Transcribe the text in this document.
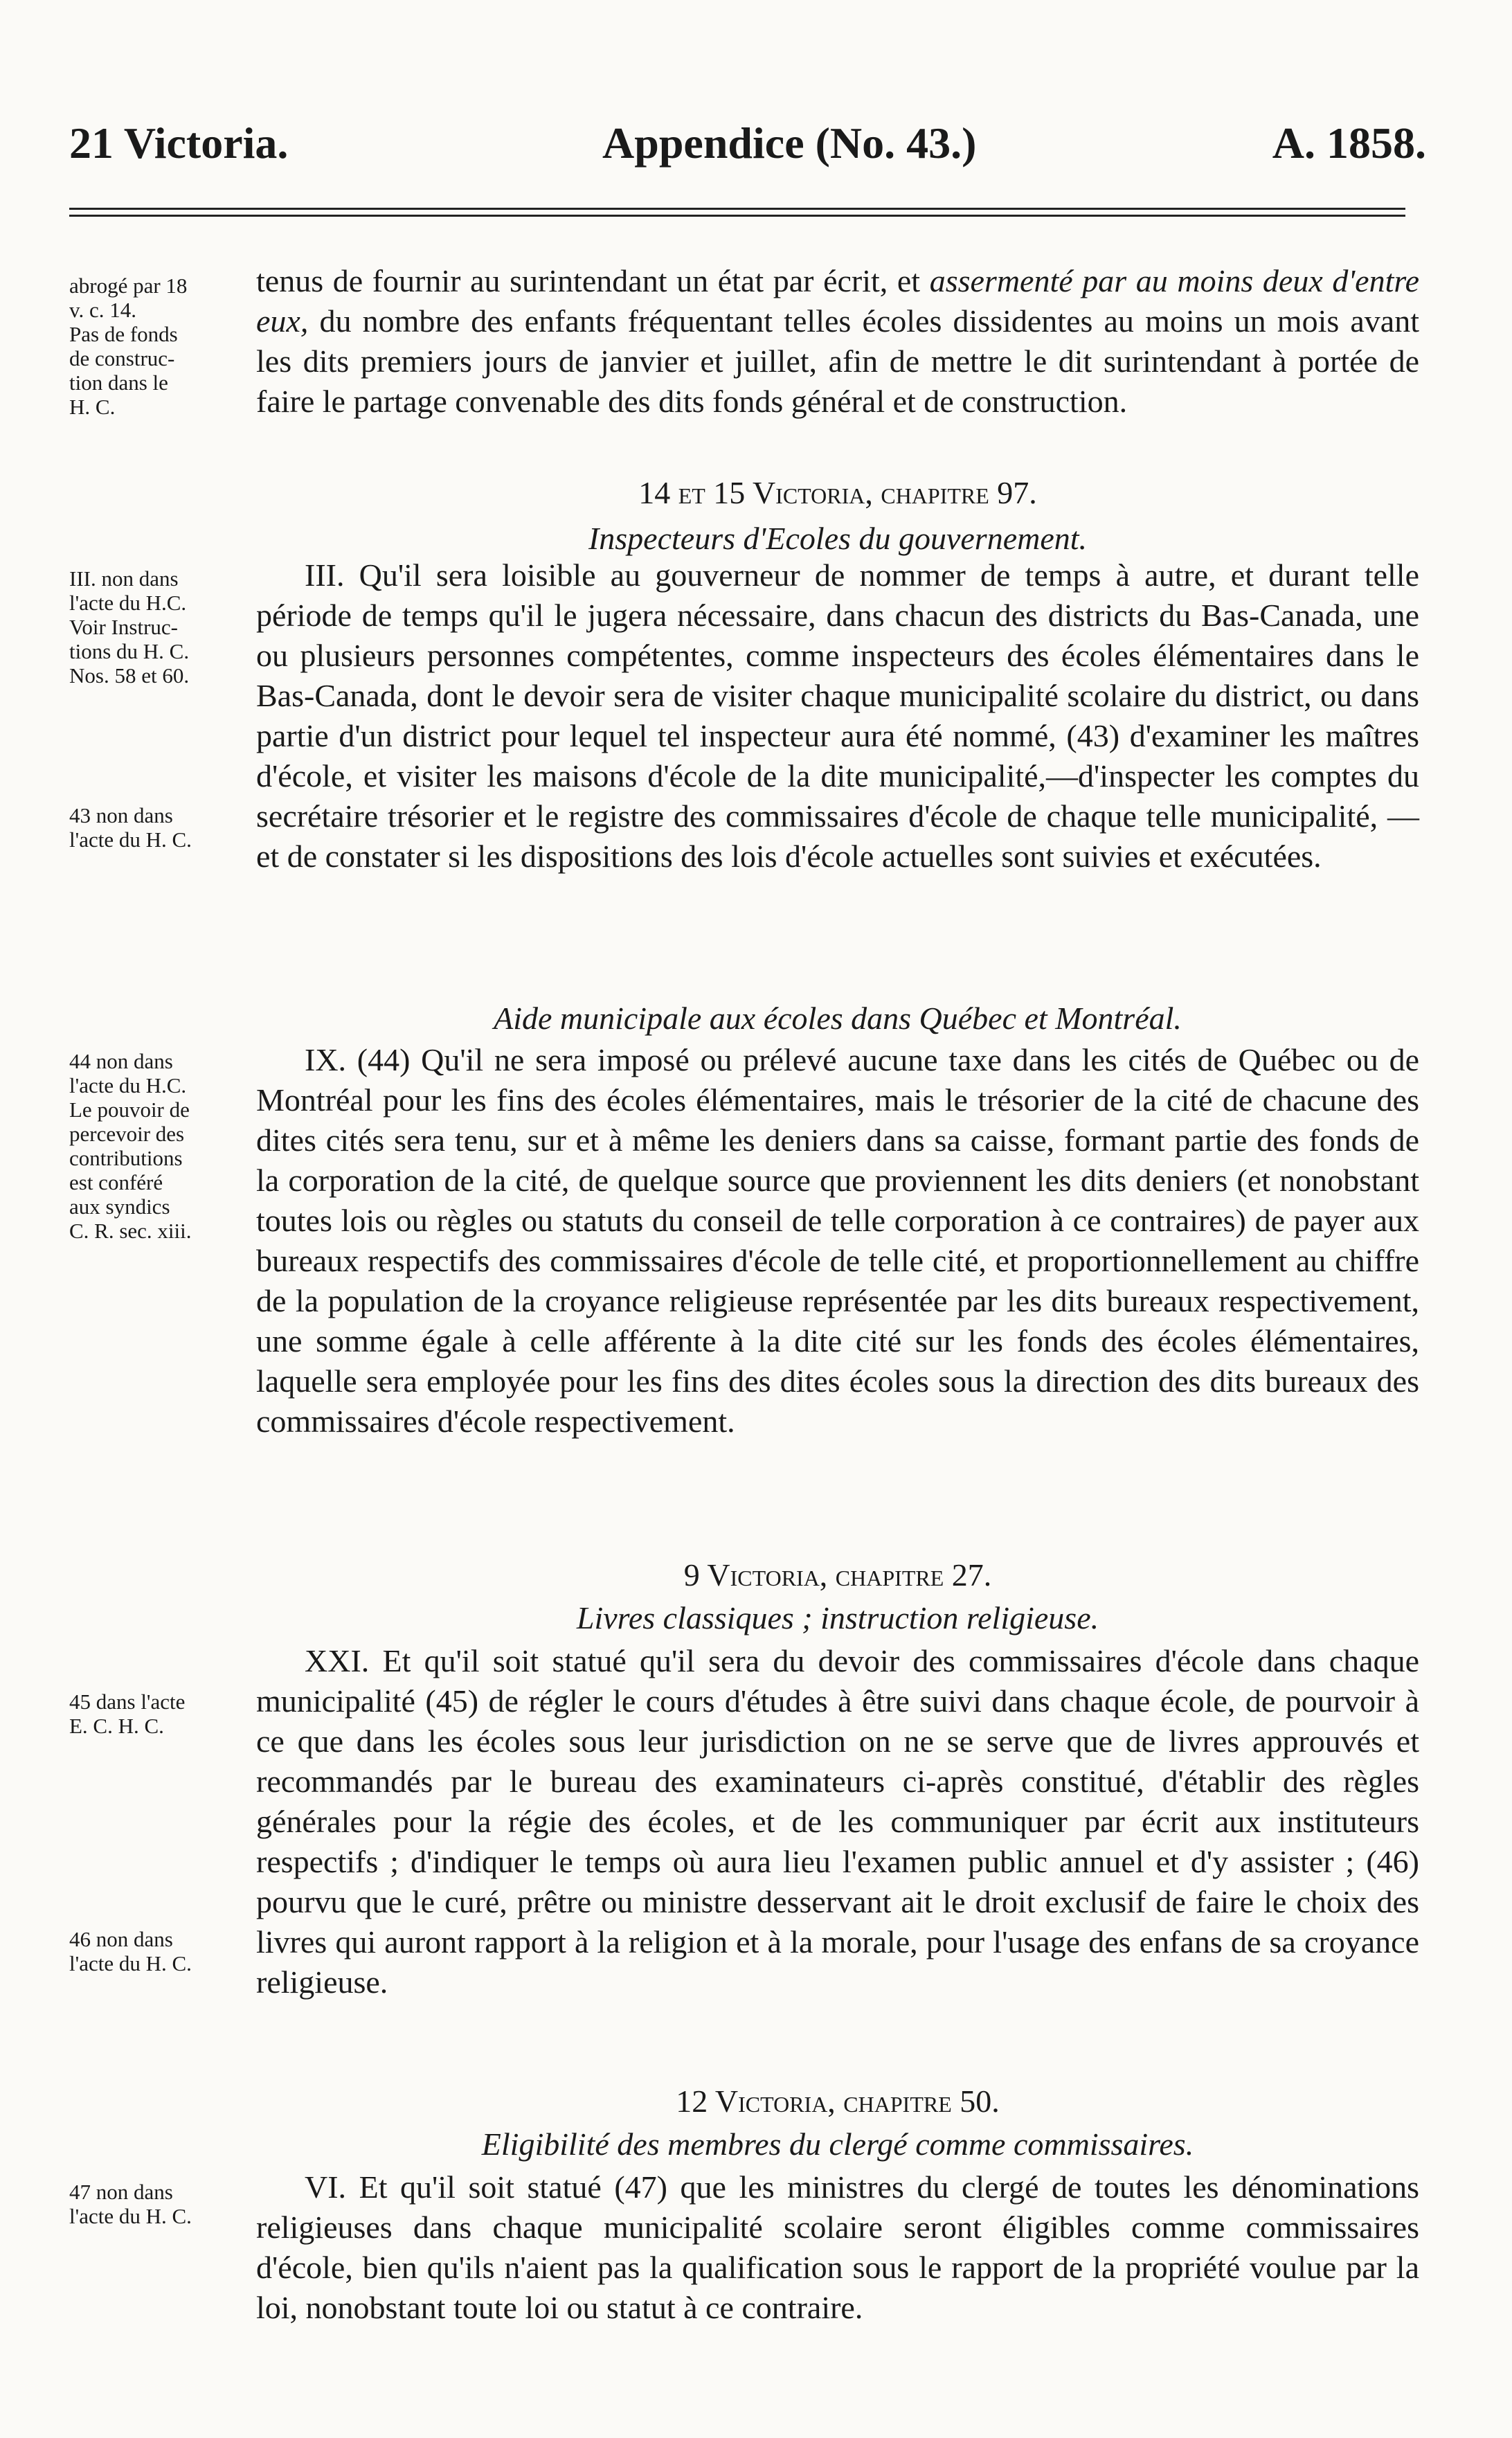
21 Victoria.	Appendice (No. 43.)	A. 1858.
abrogé par 18
v. c. 14.
Pas de fonds
de construc-
tion dans le
H. C.
tenus de fournir au surintendant un état par écrit, et assermenté par au moins deux d'entre eux, du nombre des enfants fréquentant telles écoles dissidentes au moins un mois avant les dits premiers jours de janvier et juillet, afin de mettre le dit surintendant à portée de faire le partage convenable des dits fonds général et de construction.
14 et 15 Victoria, chapitre 97.
Inspecteurs d'Ecoles du gouvernement.
III. non dans
l'acte du H.C.
Voir Instruc-
tions du H. C.
Nos. 58 et 60.
43 non dans
l'acte du H. C.
III. Qu'il sera loisible au gouverneur de nommer de temps à autre, et durant telle période de temps qu'il le jugera nécessaire, dans chacun des districts du Bas-Canada, une ou plusieurs personnes compétentes, comme inspecteurs des écoles élémentaires dans le Bas-Canada, dont le devoir sera de visiter chaque municipalité scolaire du district, ou dans partie d'un district pour lequel tel inspecteur aura été nommé, (43) d'examiner les maîtres d'école, et visiter les maisons d'école de la dite municipalité,—d'inspecter les comptes du secrétaire trésorier et le registre des commissaires d'école de chaque telle municipalité, —et de constater si les dispositions des lois d'école actuelles sont suivies et exécutées.
Aide municipale aux écoles dans Québec et Montréal.
44 non dans
l'acte du H.C.
Le pouvoir de
percevoir des
contributions
est conféré
aux syndics
C. R. sec. xiii.
IX. (44) Qu'il ne sera imposé ou prélevé aucune taxe dans les cités de Québec ou de Montréal pour les fins des écoles élémentaires, mais le trésorier de la cité de chacune des dites cités sera tenu, sur et à même les deniers dans sa caisse, formant partie des fonds de la corporation de la cité, de quelque source que proviennent les dits deniers (et nonobstant toutes lois ou règles ou statuts du conseil de telle corporation à ce contraires) de payer aux bureaux respectifs des commissaires d'école de telle cité, et proportionnellement au chiffre de la population de la croyance religieuse représentée par les dits bureaux respectivement, une somme égale à celle afférente à la dite cité sur les fonds des écoles élémentaires, laquelle sera employée pour les fins des dites écoles sous la direction des dits bureaux des commissaires d'école respectivement.
9 Victoria, chapitre 27.
Livres classiques ; instruction religieuse.
45 dans l'acte
E. C. H. C.
46 non dans
l'acte du H. C.
XXI. Et qu'il soit statué qu'il sera du devoir des commissaires d'école dans chaque municipalité (45) de régler le cours d'études à être suivi dans chaque école, de pourvoir à ce que dans les écoles sous leur jurisdiction on ne se serve que de livres approuvés et recommandés par le bureau des examinateurs ci-après constitué, d'établir des règles générales pour la régie des écoles, et de les communiquer par écrit aux instituteurs respectifs ; d'indiquer le temps où aura lieu l'examen public annuel et d'y assister ; (46) pourvu que le curé, prêtre ou ministre desservant ait le droit exclusif de faire le choix des livres qui auront rapport à la religion et à la morale, pour l'usage des enfans de sa croyance religieuse.
12 Victoria, chapitre 50.
Eligibilité des membres du clergé comme commissaires.
47 non dans
l'acte du H. C.
VI. Et qu'il soit statué (47) que les ministres du clergé de toutes les dénominations religieuses dans chaque municipalité scolaire seront éligibles comme commissaires d'école, bien qu'ils n'aient pas la qualification sous le rapport de la propriété voulue par la loi, nonobstant toute loi ou statut à ce contraire.
